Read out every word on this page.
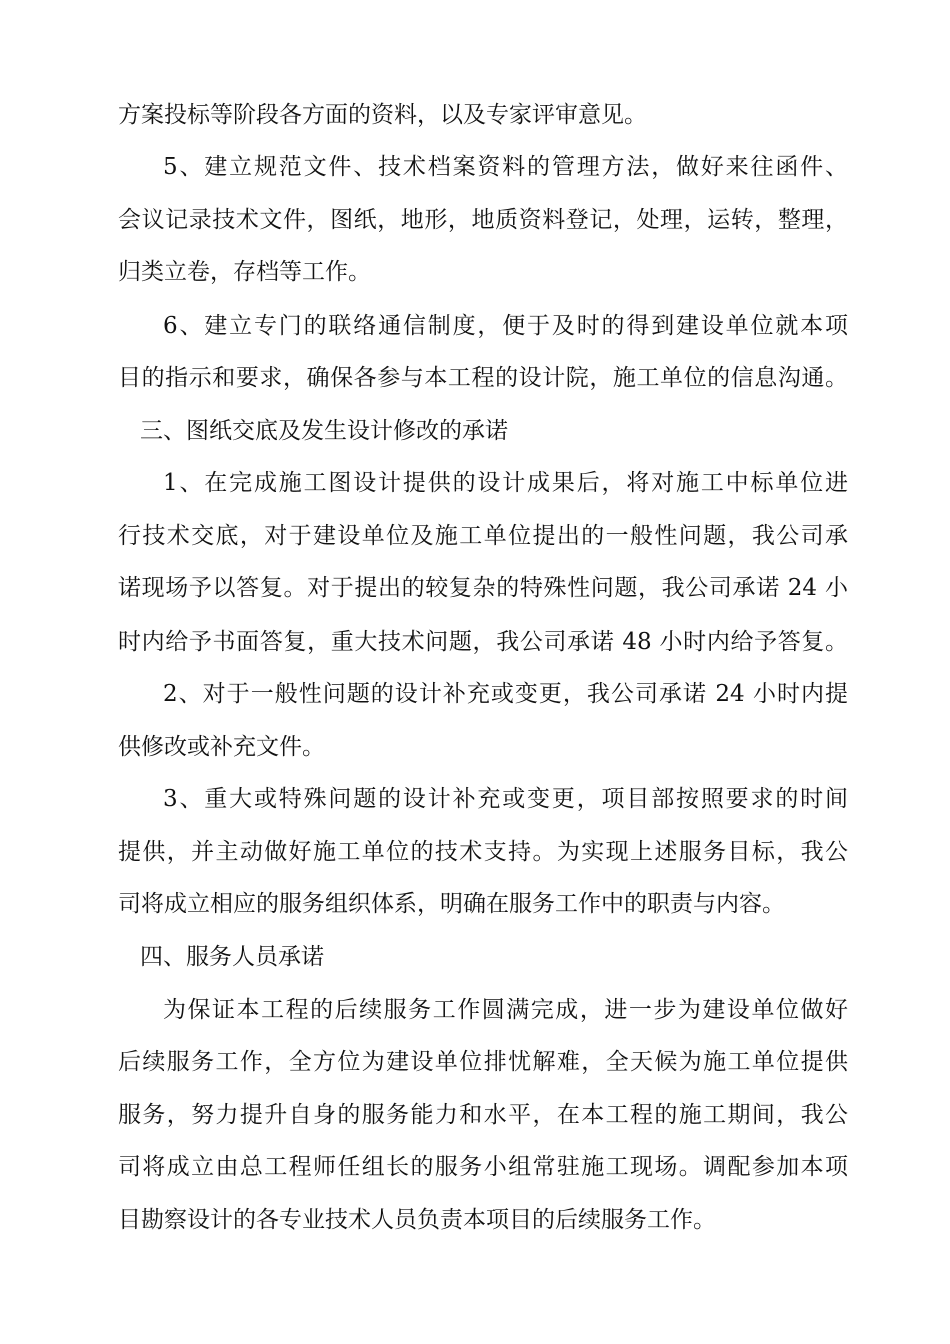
方案投标等阶段各方面的资料，以及专家评审意见。
5、建立规范文件、技术档案资料的管理方法，做好来往函件、
会议记录技术文件，图纸，地形，地质资料登记，处理，运转，整理，
归类立卷，存档等工作。
6、建立专门的联络通信制度，便于及时的得到建设单位就本项
目的指示和要求，确保各参与本工程的设计院，施工单位的信息沟通。
三、图纸交底及发生设计修改的承诺
1、在完成施工图设计提供的设计成果后，将对施工中标单位进
行技术交底，对于建设单位及施工单位提出的一般性问题，我公司承
诺现场予以答复。对于提出的较复杂的特殊性问题，我公司承诺 24 小
时内给予书面答复，重大技术问题，我公司承诺 48 小时内给予答复。
2、对于一般性问题的设计补充或变更，我公司承诺 24 小时内提
供修改或补充文件。
3、重大或特殊问题的设计补充或变更，项目部按照要求的时间
提供，并主动做好施工单位的技术支持。为实现上述服务目标，我公
司将成立相应的服务组织体系，明确在服务工作中的职责与内容。
四、服务人员承诺
为保证本工程的后续服务工作圆满完成，进一步为建设单位做好
后续服务工作，全方位为建设单位排忧解难，全天候为施工单位提供
服务，努力提升自身的服务能力和水平，在本工程的施工期间，我公
司将成立由总工程师任组长的服务小组常驻施工现场。调配参加本项
目勘察设计的各专业技术人员负责本项目的后续服务工作。
